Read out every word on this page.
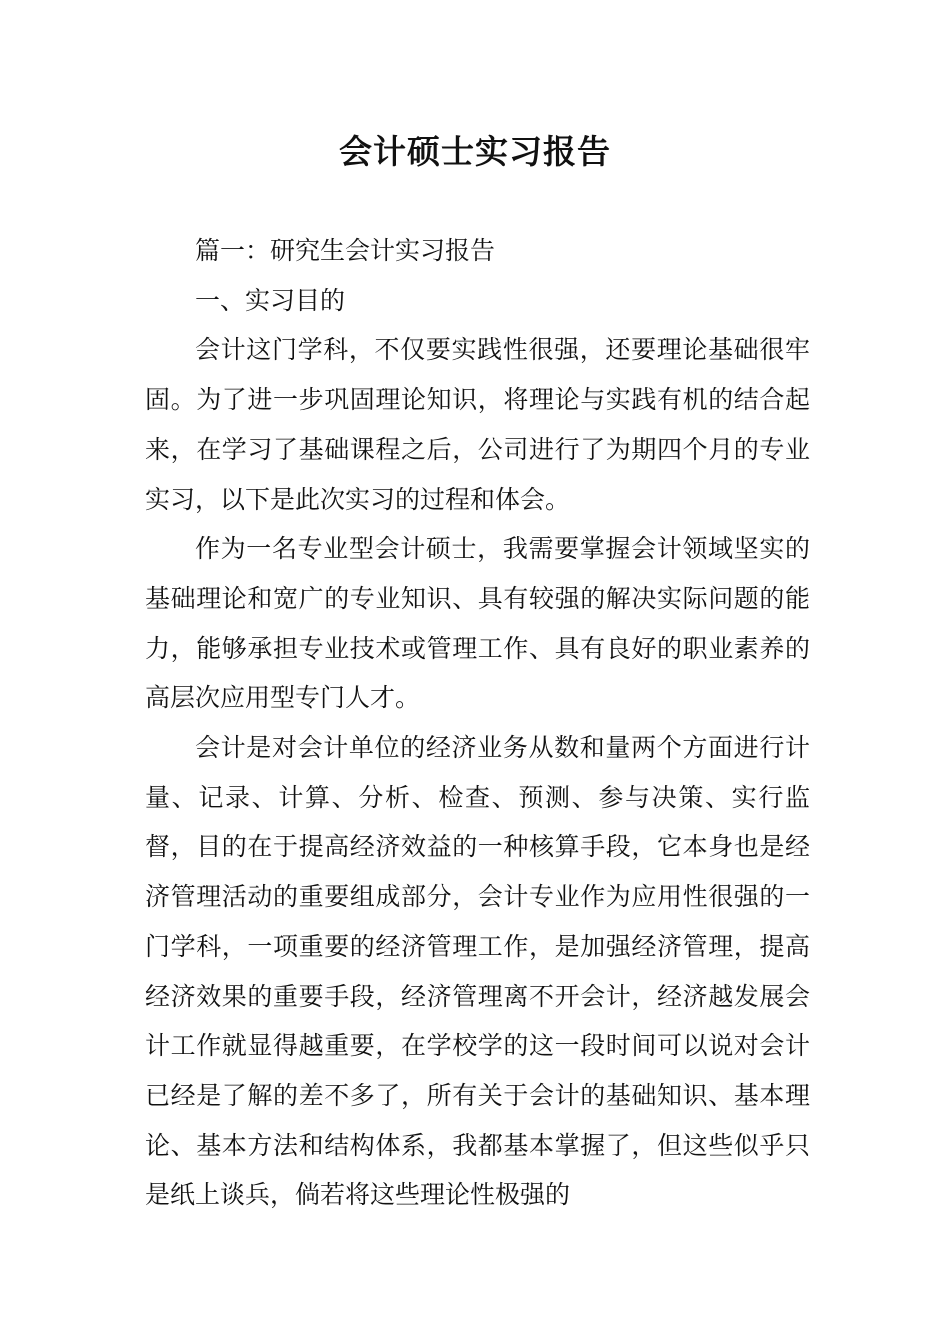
会计硕士实习报告

篇一：研究生会计实习报告

一、实习目的

会计这门学科，不仅要实践性很强，还要理论基础很牢固。为了进一步巩固理论知识，将理论与实践有机的结合起来，在学习了基础课程之后，公司进行了为期四个月的专业实习，以下是此次实习的过程和体会。

作为一名专业型会计硕士，我需要掌握会计领域坚实的基础理论和宽广的专业知识、具有较强的解决实际问题的能力，能够承担专业技术或管理工作、具有良好的职业素养的高层次应用型专门人才。

会计是对会计单位的经济业务从数和量两个方面进行计量、记录、计算、分析、检查、预测、参与决策、实行监督，目的在于提高经济效益的一种核算手段，它本身也是经济管理活动的重要组成部分，会计专业作为应用性很强的一门学科，一项重要的经济管理工作，是加强经济管理，提高经济效果的重要手段，经济管理离不开会计，经济越发展会计工作就显得越重要，在学校学的这一段时间可以说对会计已经是了解的差不多了，所有关于会计的基础知识、基本理论、基本方法和结构体系，我都基本掌握了，但这些似乎只是纸上谈兵，倘若将这些理论性极强的
